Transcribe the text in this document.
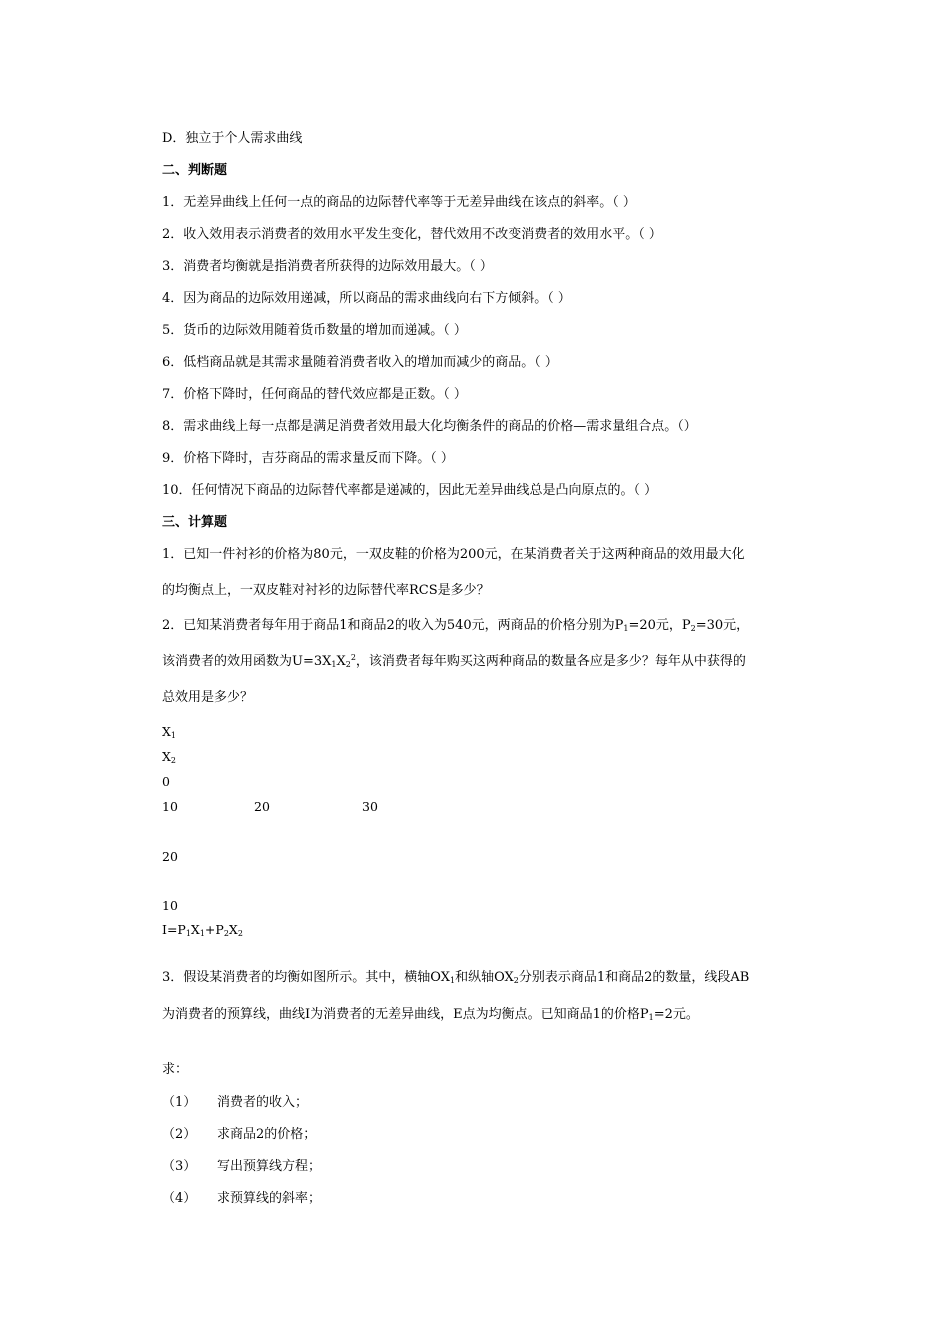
D．独立于个人需求曲线
二、判断题
1．无差异曲线上任何一点的商品的边际替代率等于无差异曲线在该点的斜率。（ ）
2．收入效用表示消费者的效用水平发生变化，替代效用不改变消费者的效用水平。（ ）
3．消费者均衡就是指消费者所获得的边际效用最大。（ ）
4．因为商品的边际效用递减，所以商品的需求曲线向右下方倾斜。（ ）
5．货币的边际效用随着货币数量的增加而递减。（ ）
6．低档商品就是其需求量随着消费者收入的增加而减少的商品。（ ）
7．价格下降时，任何商品的替代效应都是正数。（ ）
8．需求曲线上每一点都是满足消费者效用最大化均衡条件的商品的价格—需求量组合点。（）
9．价格下降时，吉芬商品的需求量反而下降。（ ）
10．任何情况下商品的边际替代率都是递减的，因此无差异曲线总是凸向原点的。（ ）
三、计算题
1．已知一件衬衫的价格为80元，一双皮鞋的价格为200元，在某消费者关于这两种商品的效用最大化
的均衡点上，一双皮鞋对衬衫的边际替代率RCS是多少？
2．已知某消费者每年用于商品1和商品2的收入为540元，两商品的价格分别为$P_1=20$元，$P_2=30$元，
该消费者的效用函数为$U=3X_1X_2^2$，该消费者每年购买这两种商品的数量各应是多少？每年从中获得的
总效用是多少？
$X_1$
$X_2$
0
10	20	30
20
10
$I=P_1X_1+P_2X_2$
3．假设某消费者的均衡如图所示。其中，横轴$OX_1$和纵轴$OX_2$分别表示商品1和商品2的数量，线段AB
为消费者的预算线，曲线I为消费者的无差异曲线，E点为均衡点。已知商品1的价格$P_1=2$元。
求：
（1） 消费者的收入；
（2） 求商品2的价格；
（3） 写出预算线方程；
（4） 求预算线的斜率；
